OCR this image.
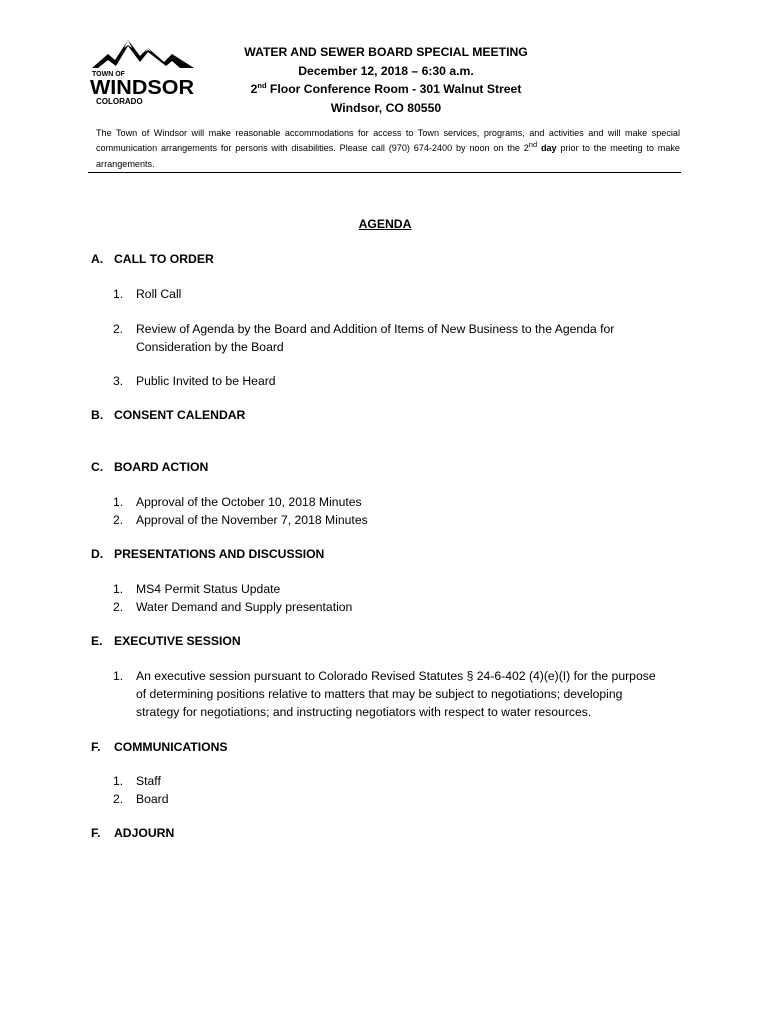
TOWN OF
WINDSOR
COLORADO
WATER AND SEWER BOARD SPECIAL MEETING
December 12, 2018 – 6:30 a.m.
2nd Floor Conference Room - 301 Walnut Street
Windsor, CO 80550

The Town of Windsor will make reasonable accommodations for access to Town services, programs, and activities and will make special communication arrangements for persons with disabilities. Please call (970) 674-2400 by noon on the 2nd day prior to the meeting to make arrangements.

AGENDA
A. CALL TO ORDER
1. Roll Call
2. Review of Agenda by the Board and Addition of Items of New Business to the Agenda for
Consideration by the Board
3. Public Invited to be Heard
B. CONSENT CALENDAR
C. BOARD ACTION
1. Approval of the October 10, 2018 Minutes
2. Approval of the November 7, 2018 Minutes
D. PRESENTATIONS AND DISCUSSION
1. MS4 Permit Status Update
2. Water Demand and Supply presentation
E. EXECUTIVE SESSION
1. An executive session pursuant to Colorado Revised Statutes § 24-6-402 (4)(e)(I) for the purpose
of determining positions relative to matters that may be subject to negotiations; developing
strategy for negotiations; and instructing negotiators with respect to water resources.
F. COMMUNICATIONS
1. Staff
2. Board
F. ADJOURN
